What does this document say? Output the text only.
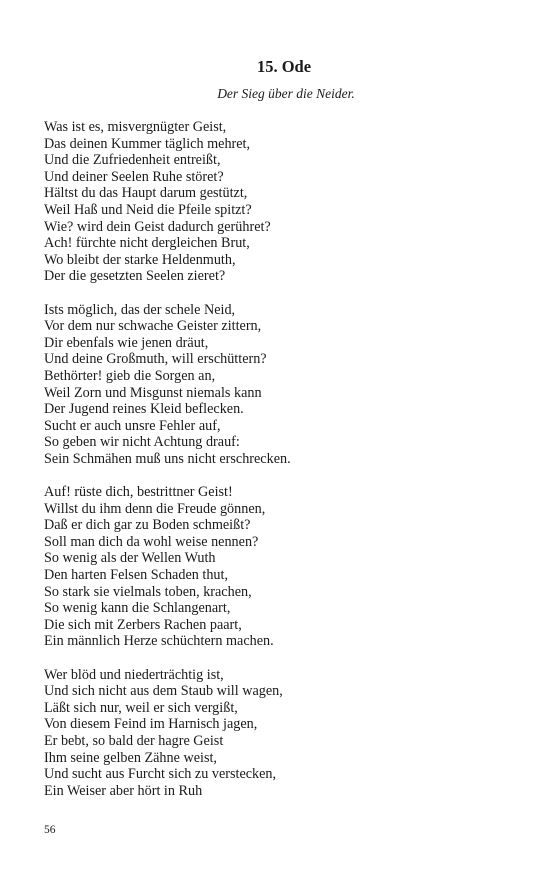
15. Ode
Der Sieg über die Neider.
Was ist es, misvergnügter Geist,
Das deinen Kummer täglich mehret,
Und die Zufriedenheit entreißt,
Und deiner Seelen Ruhe störet?
Hältst du das Haupt darum gestützt,
Weil Haß und Neid die Pfeile spitzt?
Wie? wird dein Geist dadurch gerühret?
Ach! fürchte nicht dergleichen Brut,
Wo bleibt der starke Heldenmuth,
Der die gesetzten Seelen zieret?
Ists möglich, das der schele Neid,
Vor dem nur schwache Geister zittern,
Dir ebenfals wie jenen dräut,
Und deine Großmuth, will erschüttern?
Bethörter! gieb die Sorgen an,
Weil Zorn und Misgunst niemals kann
Der Jugend reines Kleid beflecken.
Sucht er auch unsre Fehler auf,
So geben wir nicht Achtung drauf:
Sein Schmähen muß uns nicht erschrecken.
Auf! rüste dich, bestrittner Geist!
Willst du ihm denn die Freude gönnen,
Daß er dich gar zu Boden schmeißt?
Soll man dich da wohl weise nennen?
So wenig als der Wellen Wuth
Den harten Felsen Schaden thut,
So stark sie vielmals toben, krachen,
So wenig kann die Schlangenart,
Die sich mit Zerbers Rachen paart,
Ein männlich Herze schüchtern machen.
Wer blöd und niederträchtig ist,
Und sich nicht aus dem Staub will wagen,
Läßt sich nur, weil er sich vergißt,
Von diesem Feind im Harnisch jagen,
Er bebt, so bald der hagre Geist
Ihm seine gelben Zähne weist,
Und sucht aus Furcht sich zu verstecken,
Ein Weiser aber hört in Ruh
56
